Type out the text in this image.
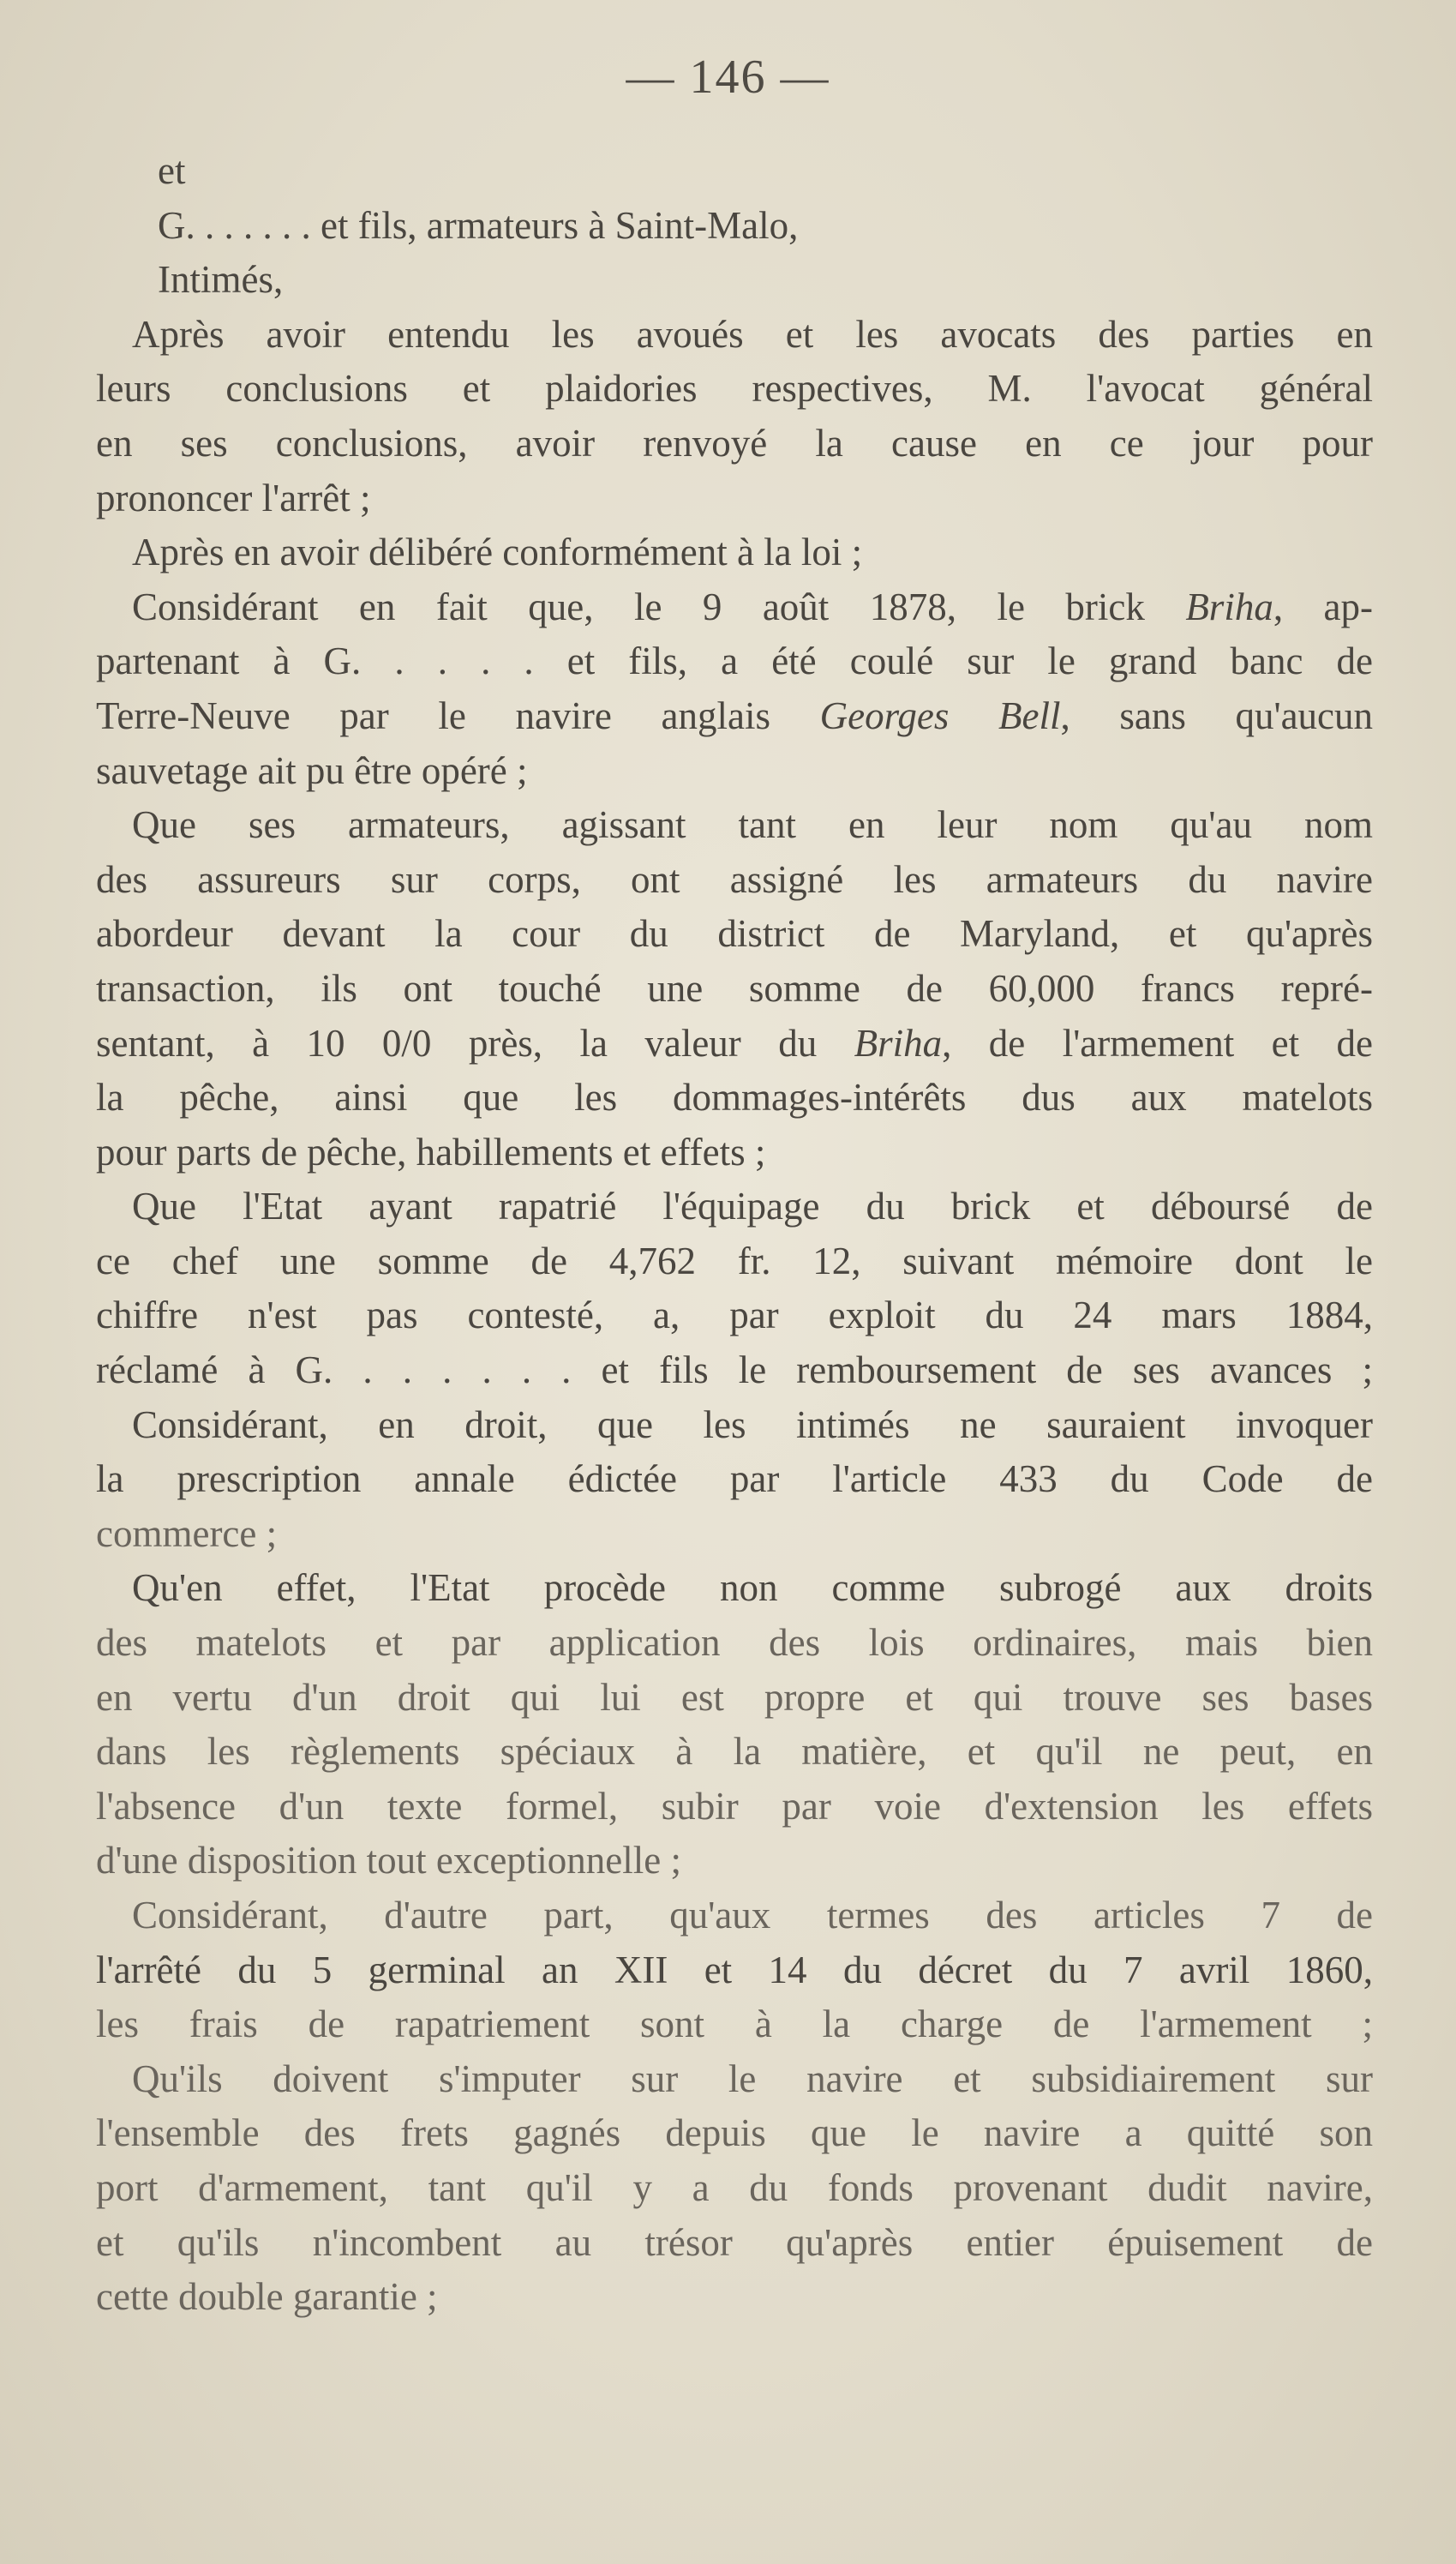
— 146 —
et
G. . . . . . . et fils, armateurs à Saint-Malo,
Intimés,
Après avoir entendu les avoués et les avocats des parties en
leurs conclusions et plaidories respectives, M. l'avocat général
en ses conclusions, avoir renvoyé la cause en ce jour pour
prononcer l'arrêt ;
Après en avoir délibéré conformément à la loi ;
Considérant en fait que, le 9 août 1878, le brick Briha, ap-
partenant à G. . . . . et fils, a été coulé sur le grand banc de
Terre-Neuve par le navire anglais Georges Bell, sans qu'aucun
sauvetage ait pu être opéré ;
Que ses armateurs, agissant tant en leur nom qu'au nom
des assureurs sur corps, ont assigné les armateurs du navire
abordeur devant la cour du district de Maryland, et qu'après
transaction, ils ont touché une somme de 60,000 francs repré-
sentant, à 10 0/0 près, la valeur du Briha, de l'armement et de
la pêche, ainsi que les dommages-intérêts dus aux matelots
pour parts de pêche, habillements et effets ;
Que l'Etat ayant rapatrié l'équipage du brick et déboursé de
ce chef une somme de 4,762 fr. 12, suivant mémoire dont le
chiffre n'est pas contesté, a, par exploit du 24 mars 1884,
réclamé à G. . . . . . . et fils le remboursement de ses avances ;
Considérant, en droit, que les intimés ne sauraient invoquer
la prescription annale édictée par l'article 433 du Code de
commerce ;
Qu'en effet, l'Etat procède non comme subrogé aux droits
des matelots et par application des lois ordinaires, mais bien
en vertu d'un droit qui lui est propre et qui trouve ses bases
dans les règlements spéciaux à la matière, et qu'il ne peut, en
l'absence d'un texte formel, subir par voie d'extension les effets
d'une disposition tout exceptionnelle ;
Considérant, d'autre part, qu'aux termes des articles 7 de
l'arrêté du 5 germinal an XII et 14 du décret du 7 avril 1860,
les frais de rapatriement sont à la charge de l'armement ;
Qu'ils doivent s'imputer sur le navire et subsidiairement sur
l'ensemble des frets gagnés depuis que le navire a quitté son
port d'armement, tant qu'il y a du fonds provenant dudit navire,
et qu'ils n'incombent au trésor qu'après entier épuisement de
cette double garantie ;
